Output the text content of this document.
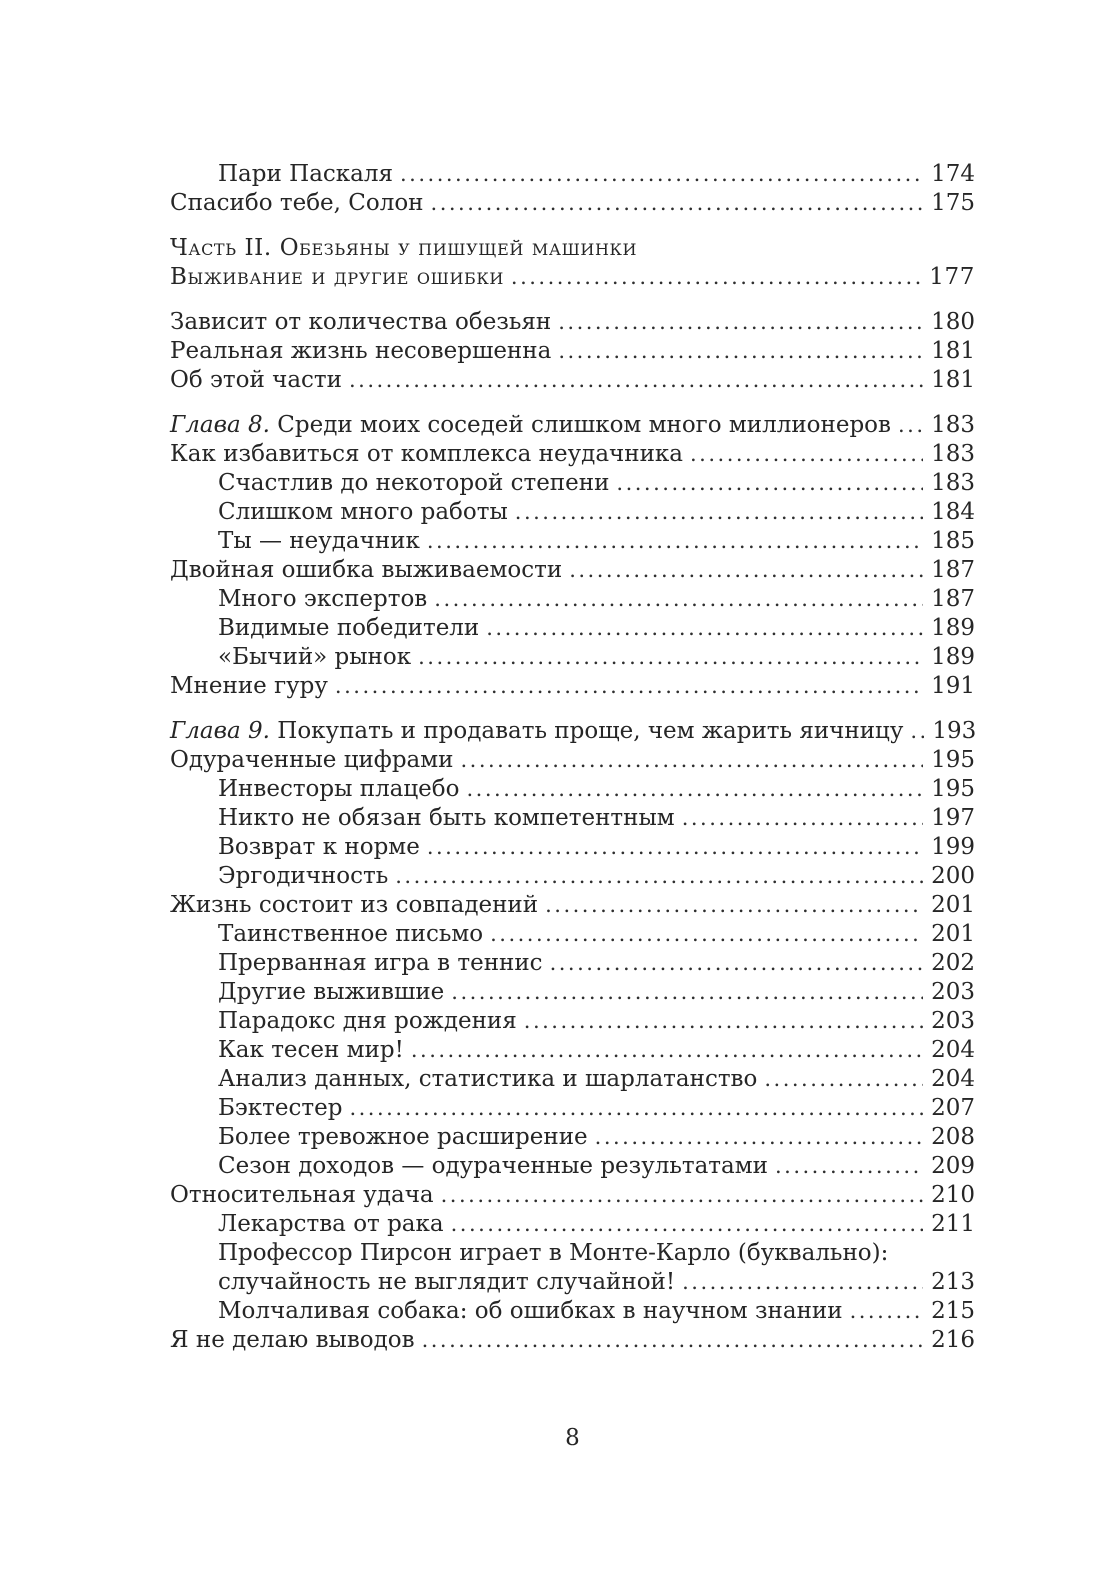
Пари Паскаля .....	174
Спасибо тебе, Солон .....	175
Часть II. Обезьяны у пишущей машинки
Выживание и другие ошибки .....	177
Зависит от количества обезьян .....	180
Реальная жизнь несовершенна .....	181
Об этой части .....	181
Глава 8. Среди моих соседей слишком много миллионеров ..... 183
Как избавиться от комплекса неудачника .....	183
Счастлив до некоторой степени .....	183
Слишком много работы .....	184
Ты — неудачник .....	185
Двойная ошибка выживаемости .....	187
Много экспертов .....	187
Видимые победители .....	189
«Бычий» рынок .....	189
Мнение гуру .....	191
Глава 9. Покупать и продавать проще, чем жарить яичницу ..... 193
Одураченные цифрами .....	195
Инвесторы плацебо .....	195
Никто не обязан быть компетентным .....	197
Возврат к норме .....	199
Эргодичность .....	200
Жизнь состоит из совпадений .....	201
Таинственное письмо .....	201
Прерванная игра в теннис .....	202
Другие выжившие .....	203
Парадокс дня рождения .....	203
Как тесен мир! .....	204
Анализ данных, статистика и шарлатанство .....	204
Бэктестер .....	207
Более тревожное расширение .....	208
Сезон доходов — одураченные результатами .....	209
Относительная удача .....	210
Лекарства от рака .....	211
Профессор Пирсон играет в Монте-Карло (буквально):
случайность не выглядит случайной! .....	213
Молчаливая собака: об ошибках в научном знании .....	215
Я не делаю выводов .....	216
8
